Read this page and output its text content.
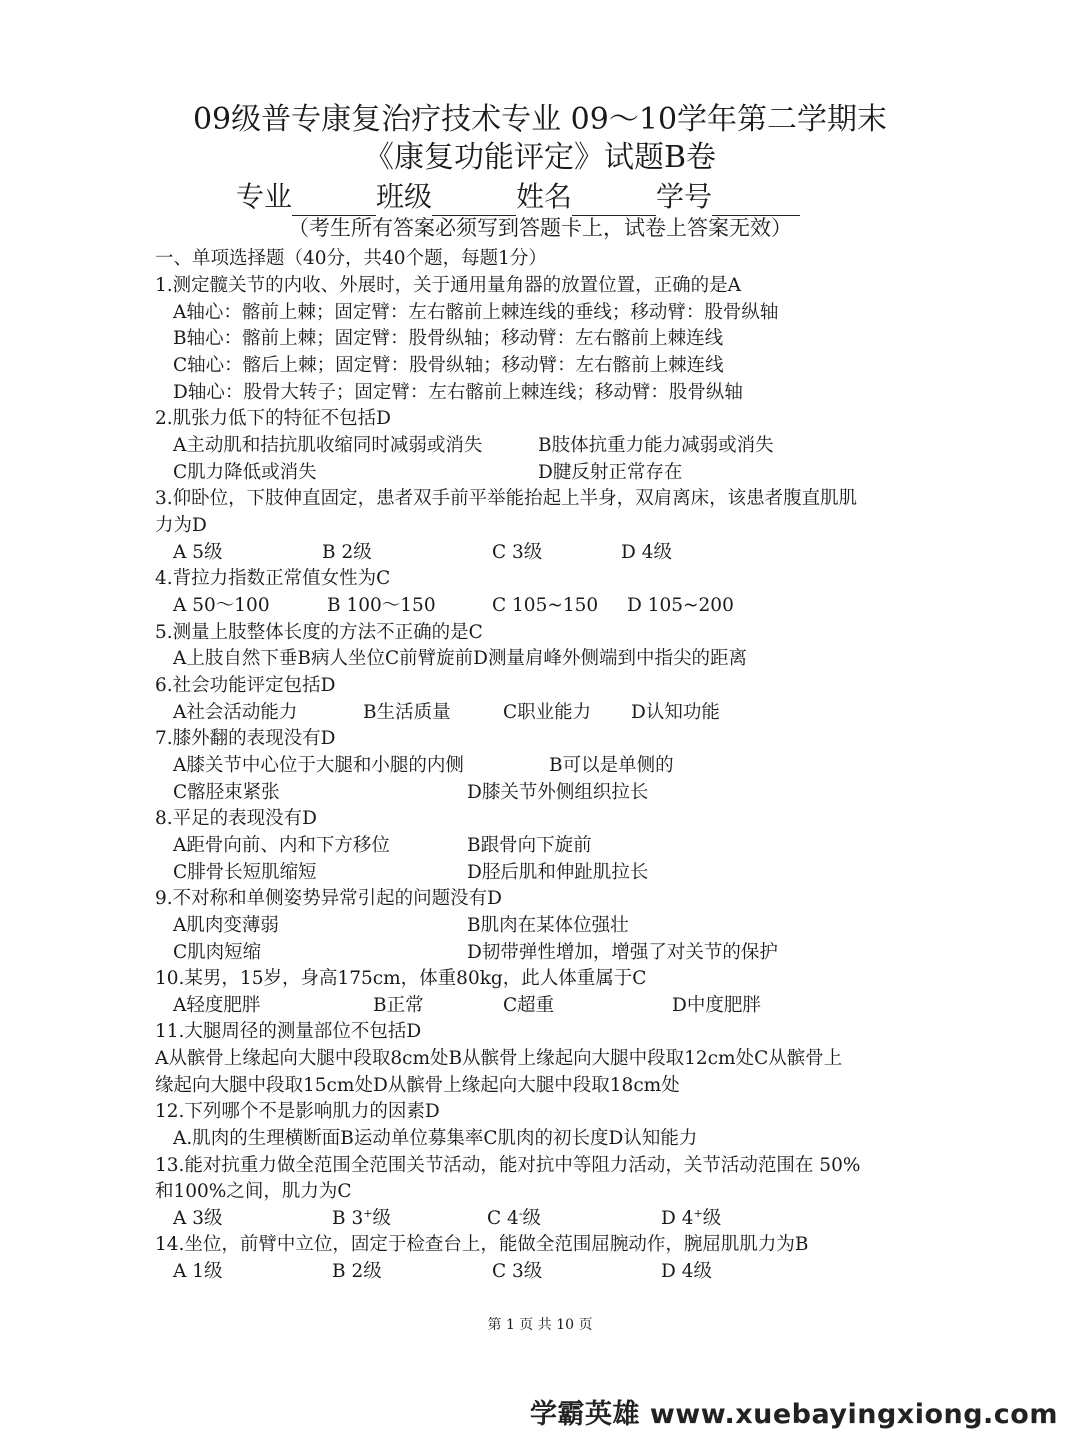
09级普专康复治疗技术专业 09～10学年第二学期末
《康复功能评定》试题B卷
专业	班级	姓名	学号
（考生所有答案必须写到答题卡上，试卷上答案无效）
一、单项选择题（40分，共40个题，每题1分）
1.测定髋关节的内收、外展时，关于通用量角器的放置位置，正确的是A
A轴心：髂前上棘；固定臂：左右髂前上棘连线的垂线；移动臂：股骨纵轴
B轴心：髂前上棘；固定臂：股骨纵轴；移动臂：左右髂前上棘连线
C轴心：髂后上棘；固定臂：股骨纵轴；移动臂：左右髂前上棘连线
D轴心：股骨大转子；固定臂：左右髂前上棘连线；移动臂：股骨纵轴
2.肌张力低下的特征不包括D
A主动肌和拮抗肌收缩同时减弱或消失	B肢体抗重力能力减弱或消失
C肌力降低或消失	D腱反射正常存在
3.仰卧位，下肢伸直固定，患者双手前平举能抬起上半身，双肩离床，该患者腹直肌肌
力为D
A 5级	B 2级	C 3级	D 4级
4.背拉力指数正常值女性为C
A 50～100	B 100～150	C 105~150 D 105~200
5.测量上肢整体长度的方法不正确的是C
A上肢自然下垂B病人坐位C前臂旋前D测量肩峰外侧端到中指尖的距离
6.社会功能评定包括D
A社会活动能力	B生活质量	C职业能力 D认知功能
7.膝外翻的表现没有D
A膝关节中心位于大腿和小腿的内侧	B可以是单侧的
C髂胫束紧张	D膝关节外侧组织拉长
8.平足的表现没有D
A距骨向前、内和下方移位	B跟骨向下旋前
C腓骨长短肌缩短	D胫后肌和伸趾肌拉长
9.不对称和单侧姿势异常引起的问题没有D
A肌肉变薄弱	B肌肉在某体位强壮
C肌肉短缩	D韧带弹性增加，增强了对关节的保护
10.某男，15岁，身高175cm，体重80kg，此人体重属于C
A轻度肥胖	B正常	C超重	D中度肥胖
11.大腿周径的测量部位不包括D
A从髌骨上缘起向大腿中段取8cm处B从髌骨上缘起向大腿中段取12cm处C从髌骨上
缘起向大腿中段取15cm处D从髌骨上缘起向大腿中段取18cm处
12.下列哪个不是影响肌力的因素D
A.肌肉的生理横断面B运动单位募集率C肌肉的初长度D认知能力
13.能对抗重力做全范围全范围关节活动，能对抗中等阻力活动，关节活动范围在 50%
和100%之间，肌力为C
A 3级	B 3+级	C 4-级	D 4+级
14.坐位，前臂中立位，固定于检查台上，能做全范围屈腕动作，腕屈肌肌力为B
A 1级	B 2级	C 3级	D 4级
第 1 页 共 10 页
学霸英雄 www.xuebayingxiong.com
